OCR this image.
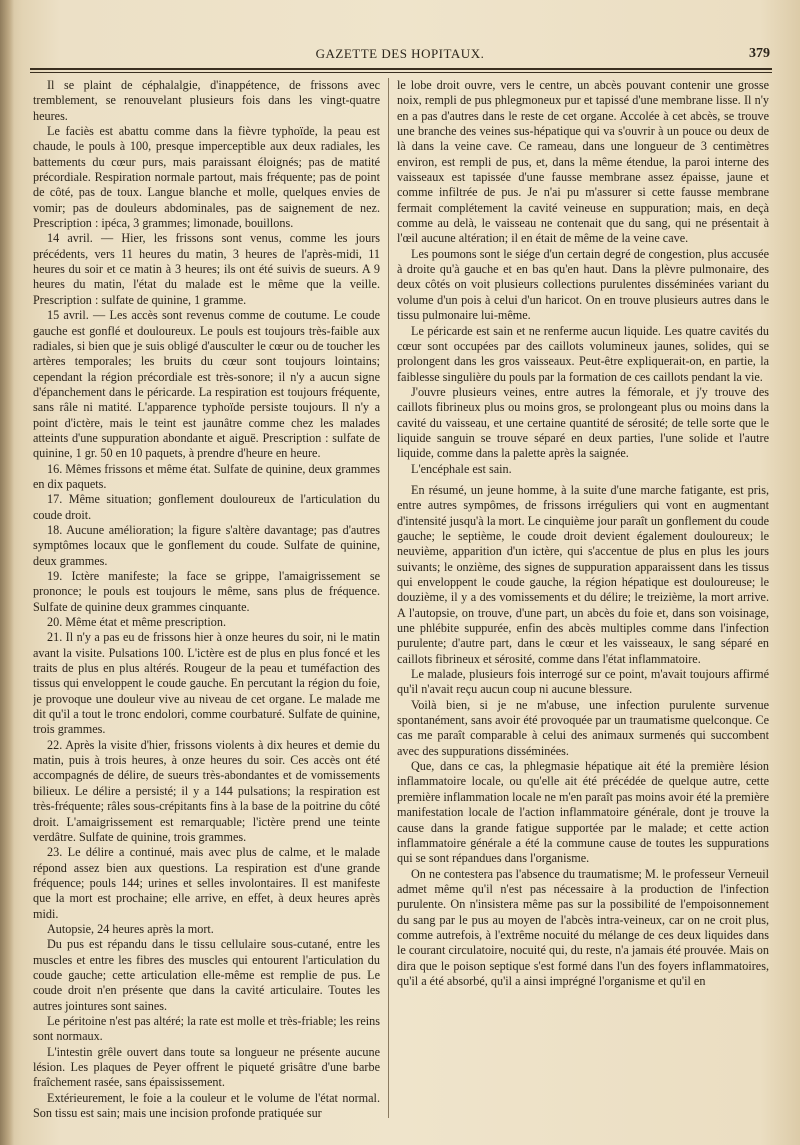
GAZETTE DES HOPITAUX.	379

Il se plaint de céphalalgie, d'inappétence, de frissons avec tremblement, se renouvelant plusieurs fois dans les vingt-quatre heures.

Le faciès est abattu comme dans la fièvre typhoïde, la peau est chaude, le pouls à 100, presque imperceptible aux deux radiales, les battements du cœur purs, mais paraissant éloignés; pas de matité précordiale. Respiration normale partout, mais fréquente; pas de point de côté, pas de toux. Langue blanche et molle, quelques envies de vomir; pas de douleurs abdominales, pas de saignement de nez. Prescription : ipéca, 3 grammes; limonade, bouillons.

14 avril. — Hier, les frissons sont venus, comme les jours précédents, vers 11 heures du matin, 3 heures de l'après-midi, 11 heures du soir et ce matin à 3 heures; ils ont été suivis de sueurs. A 9 heures du matin, l'état du malade est le même que la veille. Prescription : sulfate de quinine, 1 gramme.

15 avril. — Les accès sont revenus comme de coutume. Le coude gauche est gonflé et douloureux. Le pouls est toujours très-faible aux radiales, si bien que je suis obligé d'ausculter le cœur ou de toucher les artères temporales; les bruits du cœur sont toujours lointains; cependant la région précordiale est très-sonore; il n'y a aucun signe d'épanchement dans le péricarde. La respiration est toujours fréquente, sans râle ni matité. L'apparence typhoïde persiste toujours. Il n'y a point d'ictère, mais le teint est jaunâtre comme chez les malades atteints d'une suppuration abondante et aiguë. Prescription : sulfate de quinine, 1 gr. 50 en 10 paquets, à prendre d'heure en heure.

16. Mêmes frissons et même état. Sulfate de quinine, deux grammes en dix paquets.

17. Même situation; gonflement douloureux de l'articulation du coude droit.

18. Aucune amélioration; la figure s'altère davantage; pas d'autres symptômes locaux que le gonflement du coude. Sulfate de quinine, deux grammes.

19. Ictère manifeste; la face se grippe, l'amaigrissement se prononce; le pouls est toujours le même, sans plus de fréquence. Sulfate de quinine deux grammes cinquante.

20. Même état et même prescription.

21. Il n'y a pas eu de frissons hier à onze heures du soir, ni le matin avant la visite. Pulsations 100. L'ictère est de plus en plus foncé et les traits de plus en plus altérés. Rougeur de la peau et tuméfaction des tissus qui enveloppent le coude gauche. En percutant la région du foie, je provoque une douleur vive au niveau de cet organe. Le malade me dit qu'il a tout le tronc endolori, comme courbaturé. Sulfate de quinine, trois grammes.

22. Après la visite d'hier, frissons violents à dix heures et demie du matin, puis à trois heures, à onze heures du soir. Ces accès ont été accompagnés de délire, de sueurs très-abondantes et de vomissements bilieux. Le délire a persisté; il y a 144 pulsations; la respiration est très-fréquente; râles sous-crépitants fins à la base de la poitrine du côté droit. L'amaigrissement est remarquable; l'ictère prend une teinte verdâtre. Sulfate de quinine, trois grammes.

23. Le délire a continué, mais avec plus de calme, et le malade répond assez bien aux questions. La respiration est d'une grande fréquence; pouls 144; urines et selles involontaires. Il est manifeste que la mort est prochaine; elle arrive, en effet, à deux heures après midi.

Autopsie, 24 heures après la mort.

Du pus est répandu dans le tissu cellulaire sous-cutané, entre les muscles et entre les fibres des muscles qui entourent l'articulation du coude gauche; cette articulation elle-même est remplie de pus. Le coude droit n'en présente que dans la cavité articulaire. Toutes les autres jointures sont saines.

Le péritoine n'est pas altéré; la rate est molle et très-friable; les reins sont normaux.

L'intestin grêle ouvert dans toute sa longueur ne présente aucune lésion. Les plaques de Peyer offrent le piqueté grisâtre d'une barbe fraîchement rasée, sans épaississement.

Extérieurement, le foie a la couleur et le volume de l'état normal. Son tissu est sain; mais une incision profonde pratiquée sur

le lobe droit ouvre, vers le centre, un abcès pouvant contenir une grosse noix, rempli de pus phlegmoneux pur et tapissé d'une membrane lisse. Il n'y en a pas d'autres dans le reste de cet organe. Accolée à cet abcès, se trouve une branche des veines sus-hépatique qui va s'ouvrir à un pouce ou deux de là dans la veine cave. Ce rameau, dans une longueur de 3 centimètres environ, est rempli de pus, et, dans la même étendue, la paroi interne des vaisseaux est tapissée d'une fausse membrane assez épaisse, jaune et comme infiltrée de pus. Je n'ai pu m'assurer si cette fausse membrane fermait complétement la cavité veineuse en suppuration; mais, en deçà comme au delà, le vaisseau ne contenait que du sang, qui ne présentait à l'œil aucune altération; il en était de même de la veine cave.

Les poumons sont le siége d'un certain degré de congestion, plus accusée à droite qu'à gauche et en bas qu'en haut. Dans la plèvre pulmonaire, des deux côtés on voit plusieurs collections purulentes disséminées variant du volume d'un pois à celui d'un haricot. On en trouve plusieurs autres dans le tissu pulmonaire lui-même.

Le péricarde est sain et ne renferme aucun liquide. Les quatre cavités du cœur sont occupées par des caillots volumineux jaunes, solides, qui se prolongent dans les gros vaisseaux. Peut-être expliquerait-on, en partie, la faiblesse singulière du pouls par la formation de ces caillots pendant la vie.

J'ouvre plusieurs veines, entre autres la fémorale, et j'y trouve des caillots fibrineux plus ou moins gros, se prolongeant plus ou moins dans la cavité du vaisseau, et une certaine quantité de sérosité; de telle sorte que le liquide sanguin se trouve séparé en deux parties, l'une solide et l'autre liquide, comme dans la palette après la saignée.

L'encéphale est sain.

En résumé, un jeune homme, à la suite d'une marche fatigante, est pris, entre autres sympômes, de frissons irréguliers qui vont en augmentant d'intensité jusqu'à la mort. Le cinquième jour paraît un gonflement du coude gauche; le septième, le coude droit devient également douloureux; le neuvième, apparition d'un ictère, qui s'accentue de plus en plus les jours suivants; le onzième, des signes de suppuration apparaissent dans les tissus qui enveloppent le coude gauche, la région hépatique est douloureuse; le douzième, il y a des vomissements et du délire; le treizième, la mort arrive. A l'autopsie, on trouve, d'une part, un abcès du foie et, dans son voisinage, une phlébite suppurée, enfin des abcès multiples comme dans l'infection purulente; d'autre part, dans le cœur et les vaisseaux, le sang séparé en caillots fibrineux et sérosité, comme dans l'état inflammatoire.

Le malade, plusieurs fois interrogé sur ce point, m'avait toujours affirmé qu'il n'avait reçu aucun coup ni aucune blessure.

Voilà bien, si je ne m'abuse, une infection purulente survenue spontanément, sans avoir été provoquée par un traumatisme quelconque. Ce cas me paraît comparable à celui des animaux surmenés qui succombent avec des suppurations disséminées.

Que, dans ce cas, la phlegmasie hépatique ait été la première lésion inflammatoire locale, ou qu'elle ait été précédée de quelque autre, cette première inflammation locale ne m'en paraît pas moins avoir été la première manifestation locale de l'action inflammatoire générale, dont je trouve la cause dans la grande fatigue supportée par le malade; et cette action inflammatoire générale a été la commune cause de toutes les suppurations qui se sont répandues dans l'organisme.

On ne contestera pas l'absence du traumatisme; M. le professeur Verneuil admet même qu'il n'est pas nécessaire à la production de l'infection purulente. On n'insistera même pas sur la possibilité de l'empoisonnement du sang par le pus au moyen de l'abcès intra-veineux, car on ne croit plus, comme autrefois, à l'extrême nocuité du mélange de ces deux liquides dans le courant circulatoire, nocuité qui, du reste, n'a jamais été prouvée. Mais on dira que le poison septique s'est formé dans l'un des foyers inflammatoires, qu'il a été absorbé, qu'il a ainsi imprégné l'organisme et qu'il en
